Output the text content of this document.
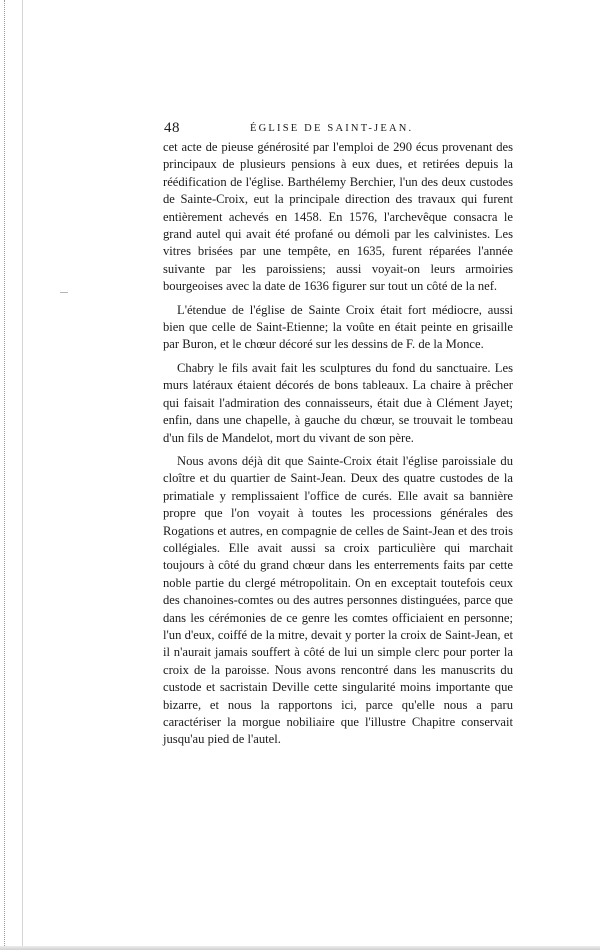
48	ÉGLISE DE SAINT-JEAN.

cet acte de pieuse générosité par l'emploi de 290 écus provenant des principaux de plusieurs pensions à eux dues, et retirées depuis la réédification de l'église. Barthélemy Berchier, l'un des deux custodes de Sainte-Croix, eut la principale direction des travaux qui furent entièrement achevés en 1458. En 1576, l'archevêque consacra le grand autel qui avait été profané ou démoli par les calvinistes. Les vitres brisées par une tempête, en 1635, furent réparées l'année suivante par les paroissiens; aussi voyait-on leurs armoiries bourgeoises avec la date de 1636 figurer sur tout un côté de la nef.

L'étendue de l'église de Sainte Croix était fort médiocre, aussi bien que celle de Saint-Etienne; la voûte en était peinte en grisaille par Buron, et le chœur décoré sur les dessins de F. de la Monce.

Chabry le fils avait fait les sculptures du fond du sanctuaire. Les murs latéraux étaient décorés de bons tableaux. La chaire à prêcher qui faisait l'admiration des connaisseurs, était due à Clément Jayet; enfin, dans une chapelle, à gauche du chœur, se trouvait le tombeau d'un fils de Mandelot, mort du vivant de son père.

Nous avons déjà dit que Sainte-Croix était l'église paroissiale du cloître et du quartier de Saint-Jean. Deux des quatre custodes de la primatiale y remplissaient l'office de curés. Elle avait sa bannière propre que l'on voyait à toutes les processions générales des Rogations et autres, en compagnie de celles de Saint-Jean et des trois collégiales. Elle avait aussi sa croix particulière qui marchait toujours à côté du grand chœur dans les enterrements faits par cette noble partie du clergé métropolitain. On en exceptait toutefois ceux des chanoines-comtes ou des autres personnes distinguées, parce que dans les cérémonies de ce genre les comtes officiaient en personne; l'un d'eux, coiffé de la mitre, devait y porter la croix de Saint-Jean, et il n'aurait jamais souffert à côté de lui un simple clerc pour porter la croix de la paroisse. Nous avons rencontré dans les manuscrits du custode et sacristain Deville cette singularité moins importante que bizarre, et nous la rapportons ici, parce qu'elle nous a paru caractériser la morgue nobiliaire que l'illustre Chapitre conservait jusqu'au pied de l'autel.
